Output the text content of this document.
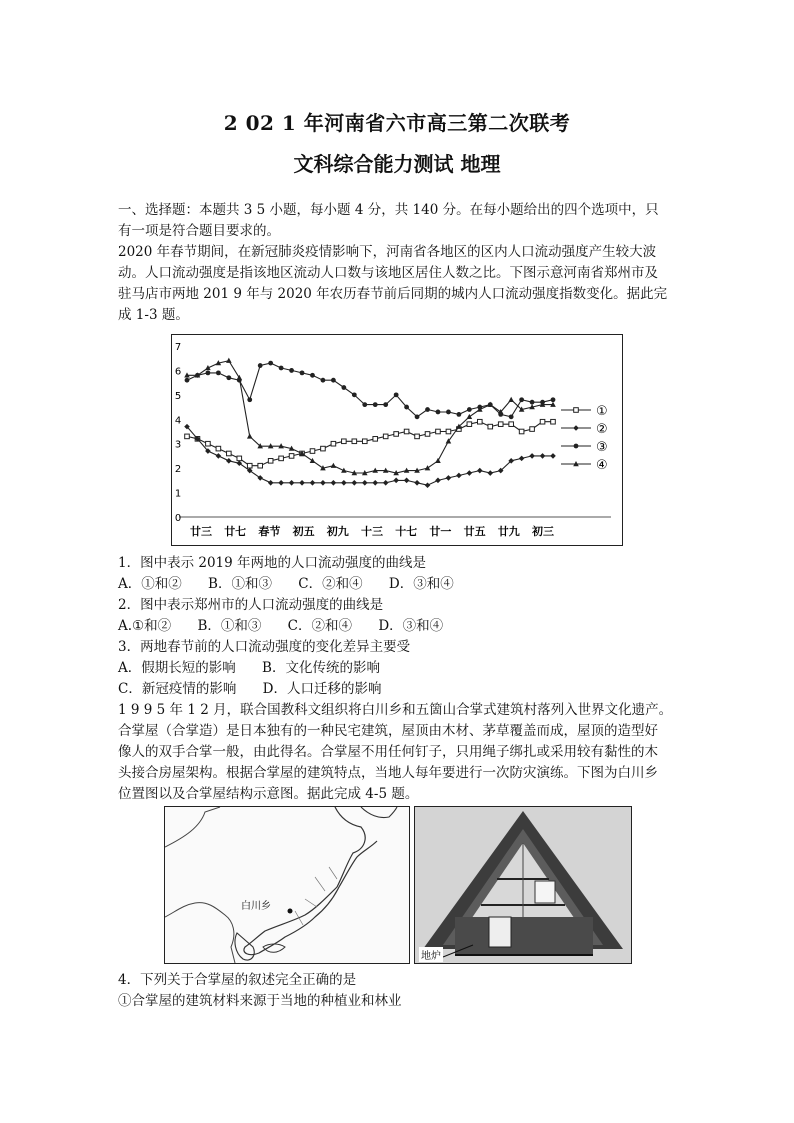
2 02 1 年河南省六市高三第二次联考
文科综合能力测试 地理
一、选择题：本题共 3 5 小题，每小题 4 分，共 140 分。在每小题给出的四个选项中，只
有一项是符合题目要求的。
2020 年春节期间，在新冠肺炎疫情影响下，河南省各地区的区内人口流动强度产生较大波
动。人口流动强度是指该地区流动人口数与该地区居住人数之比。下图示意河南省郑州市及
驻马店市两地 201 9 年与 2020 年农历春节前后同期的城内人口流动强度指数变化。据此完
成 1-3 题。
0
1
2
3
4
5
6
7
廿三 廿七 春节 初五 初九 十三 十七 廿一 廿五 廿九 初三
①
②
③
④
1．图中表示 2019 年两地的人口流动强度的曲线是
A．①和② B．①和③ C．②和④ D．③和④
2．图中表示郑州市的人口流动强度的曲线是
A.①和② B．①和③ C．②和④ D．③和④
3．两地春节前的人口流动强度的变化差异主要受
A．假期长短的影响 B．文化传统的影响
C．新冠疫情的影响 D．人口迁移的影响
1 9 9 5 年 1 2 月，联合国教科文组织将白川乡和五箇山合掌式建筑村落列入世界文化遗产。
合掌屋（合掌造）是日本独有的一种民宅建筑，屋顶由木材、茅草覆盖而成，屋顶的造型好
像人的双手合掌一般，由此得名。合掌屋不用任何钉子，只用绳子绑扎或采用较有黏性的木
头接合房屋架构。根据合掌屋的建筑特点，当地人每年要进行一次防灾演练。下图为白川乡
位置图以及合掌屋结构示意图。据此完成 4-5 题。
白川乡
地炉
4．下列关于合掌屋的叙述完全正确的是
①合掌屋的建筑材料来源于当地的种植业和林业
